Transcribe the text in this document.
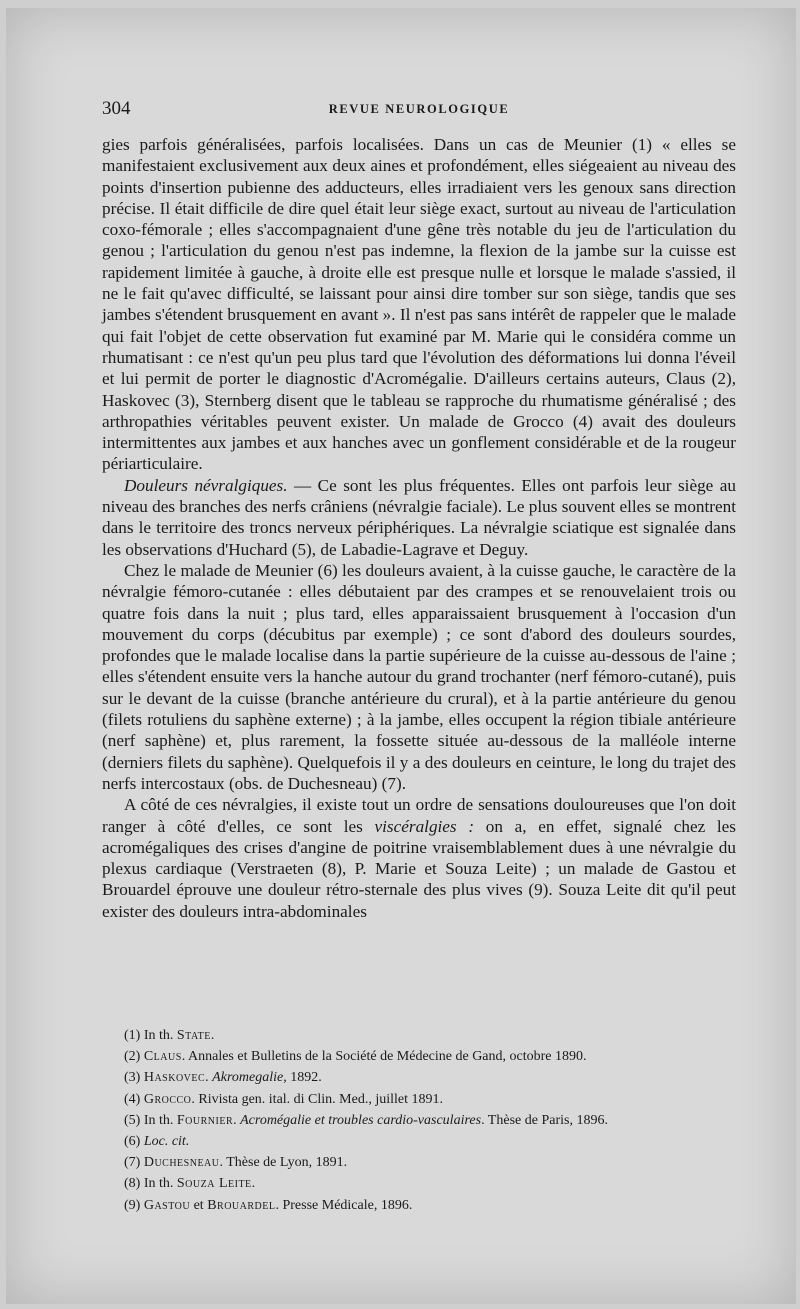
304	REVUE NEUROLOGIQUE

gies parfois généralisées, parfois localisées. Dans un cas de Meunier (1) « elles se manifestaient exclusivement aux deux aines et profondément, elles siégeaient au niveau des points d'insertion pubienne des adducteurs, elles irradiaient vers les genoux sans direction précise. Il était difficile de dire quel était leur siège exact, surtout au niveau de l'articulation coxo-fémorale ; elles s'accompagnaient d'une gêne très notable du jeu de l'articulation du genou ; l'articulation du genou n'est pas indemne, la flexion de la jambe sur la cuisse est rapidement limitée à gauche, à droite elle est presque nulle et lorsque le malade s'assied, il ne le fait qu'avec difficulté, se laissant pour ainsi dire tomber sur son siège, tandis que ses jambes s'étendent brusquement en avant ». Il n'est pas sans intérêt de rappeler que le malade qui fait l'objet de cette observation fut examiné par M. Marie qui le considéra comme un rhumatisant : ce n'est qu'un peu plus tard que l'évolution des déformations lui donna l'éveil et lui permit de porter le diagnostic d'Acromégalie. D'ailleurs certains auteurs, Claus (2), Haskovec (3), Sternberg disent que le tableau se rapproche du rhumatisme généralisé ; des arthropathies véritables peuvent exister. Un malade de Grocco (4) avait des douleurs intermittentes aux jambes et aux hanches avec un gonflement considérable et de la rougeur périarticulaire.

Douleurs névralgiques. — Ce sont les plus fréquentes. Elles ont parfois leur siège au niveau des branches des nerfs crâniens (névralgie faciale). Le plus souvent elles se montrent dans le territoire des troncs nerveux périphériques. La névralgie sciatique est signalée dans les observations d'Huchard (5), de Labadie-Lagrave et Deguy.

Chez le malade de Meunier (6) les douleurs avaient, à la cuisse gauche, le caractère de la névralgie fémoro-cutanée : elles débutaient par des crampes et se renouvelaient trois ou quatre fois dans la nuit ; plus tard, elles apparaissaient brusquement à l'occasion d'un mouvement du corps (décubitus par exemple) ; ce sont d'abord des douleurs sourdes, profondes que le malade localise dans la partie supérieure de la cuisse au-dessous de l'aine ; elles s'étendent ensuite vers la hanche autour du grand trochanter (nerf fémoro-cutané), puis sur le devant de la cuisse (branche antérieure du crural), et à la partie antérieure du genou (filets rotuliens du saphène externe) ; à la jambe, elles occupent la région tibiale antérieure (nerf saphène) et, plus rarement, la fossette située au-dessous de la malléole interne (derniers filets du saphène). Quelquefois il y a des douleurs en ceinture, le long du trajet des nerfs intercostaux (obs. de Duchesneau) (7).

A côté de ces névralgies, il existe tout un ordre de sensations douloureuses que l'on doit ranger à côté d'elles, ce sont les viscéralgies : on a, en effet, signalé chez les acromégaliques des crises d'angine de poitrine vraisemblablement dues à une névralgie du plexus cardiaque (Verstraeten (8), P. Marie et Souza Leite) ; un malade de Gastou et Brouardel éprouve une douleur rétro-sternale des plus vives (9). Souza Leite dit qu'il peut exister des douleurs intra-abdominales

(1) In th. State.
(2) Claus. Annales et Bulletins de la Société de Médecine de Gand, octobre 1890.
(3) Haskovec. Akromegalie, 1892.
(4) Grocco. Rivista gen. ital. di Clin. Med., juillet 1891.
(5) In th. Fournier. Acromégalie et troubles cardio-vasculaires. Thèse de Paris, 1896.
(6) Loc. cit.
(7) Duchesneau. Thèse de Lyon, 1891.
(8) In th. Souza Leite.
(9) Gastou et Brouardel. Presse Médicale, 1896.
